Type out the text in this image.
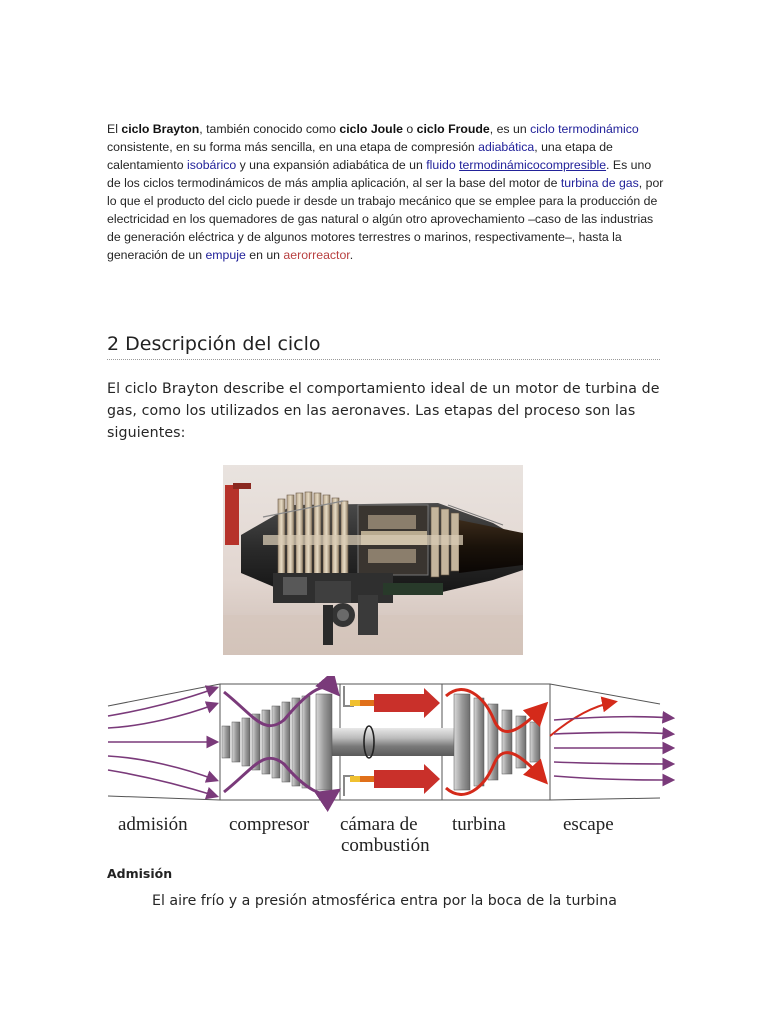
El ciclo Brayton, también conocido como ciclo Joule o ciclo Froude, es un ciclo termodinámico consistente, en su forma más sencilla, en una etapa de compresión adiabática, una etapa de calentamiento isobárico y una expansión adiabática de un fluido termodinámicocompresible. Es uno de los ciclos termodinámicos de más amplia aplicación, al ser la base del motor de turbina de gas, por lo que el producto del ciclo puede ir desde un trabajo mecánico que se emplee para la producción de electricidad en los quemadores de gas natural o algún otro aprovechamiento –caso de las industrias de generación eléctrica y de algunos motores terrestres o marinos, respectivamente–, hasta la generación de un empuje en un aerorreactor.
2 Descripción del ciclo
El ciclo Brayton describe el comportamiento ideal de un motor de turbina de gas, como los utilizados en las aeronaves. Las etapas del proceso son las siguientes:
admisión compresor cámara de
combustión
turbina	escape
Admisión
El aire frío y a presión atmosférica entra por la boca de la turbina
